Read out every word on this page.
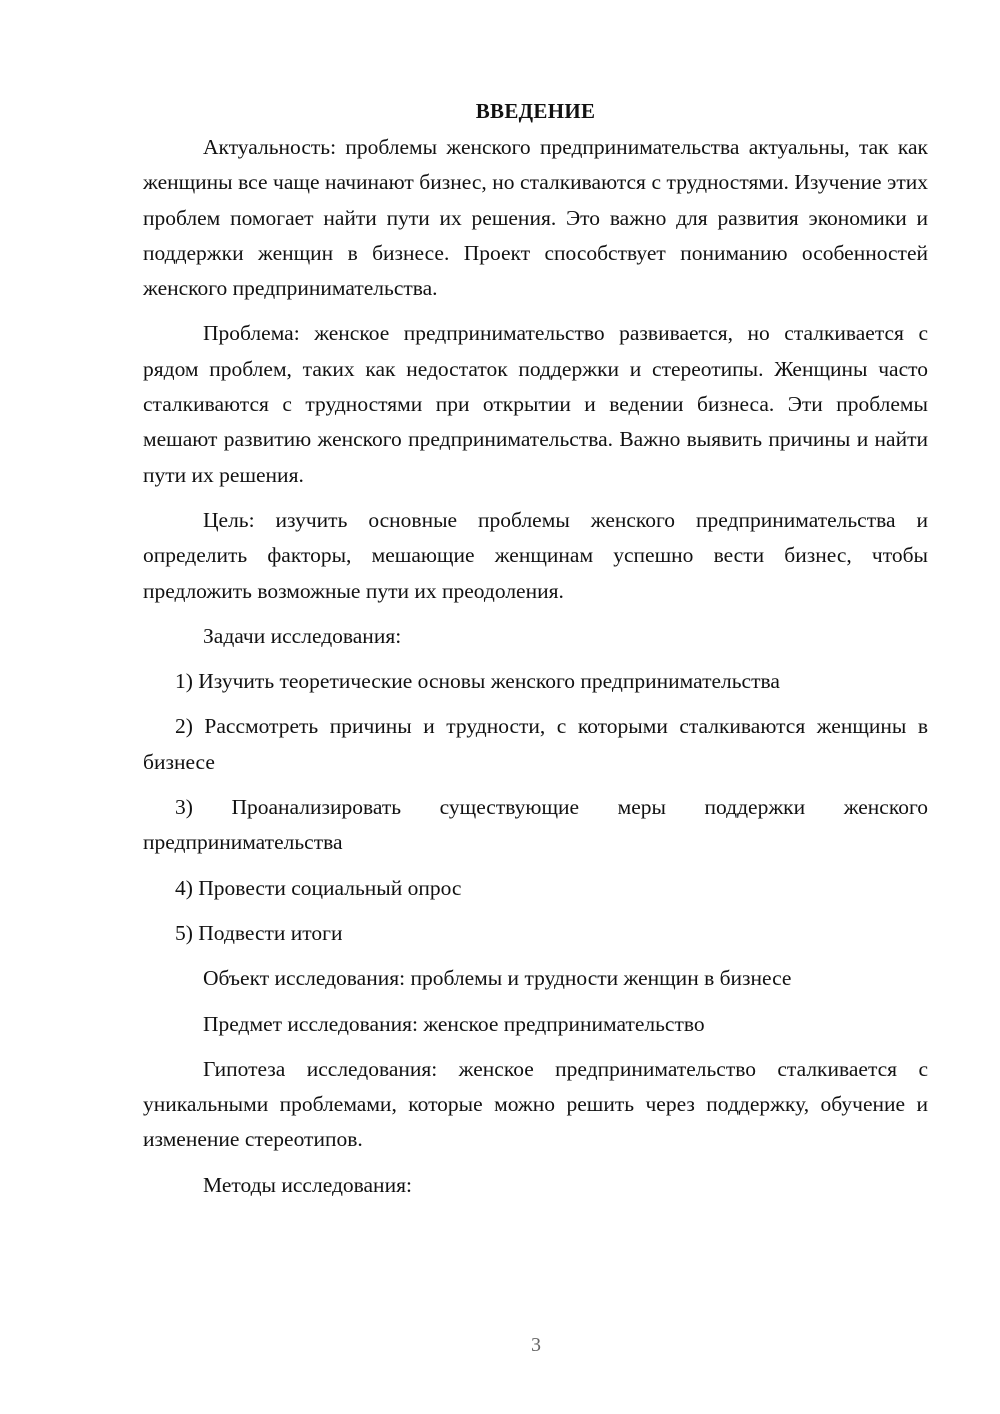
ВВЕДЕНИЕ

Актуальность: проблемы женского предпринимательства актуальны, так как женщины все чаще начинают бизнес, но сталкиваются с трудностями. Изучение этих проблем помогает найти пути их решения. Это важно для развития экономики и поддержки женщин в бизнесе. Проект способствует пониманию особенностей женского предпринимательства.

Проблема: женское предпринимательство развивается, но сталкивается с рядом проблем, таких как недостаток поддержки и стереотипы. Женщины часто сталкиваются с трудностями при открытии и ведении бизнеса. Эти проблемы мешают развитию женского предпринимательства. Важно выявить причины и найти пути их решения.

Цель: изучить основные проблемы женского предпринимательства и определить факторы, мешающие женщинам успешно вести бизнес, чтобы предложить возможные пути их преодоления.

Задачи исследования:

1) Изучить теоретические основы женского предпринимательства

2) Рассмотреть причины и трудности, с которыми сталкиваются женщины в бизнесе

3) Проанализировать существующие меры поддержки женского предпринимательства

4) Провести социальный опрос

5) Подвести итоги

Объект исследования: проблемы и трудности женщин в бизнесе

Предмет исследования: женское предпринимательство

Гипотеза исследования: женское предпринимательство сталкивается с уникальными проблемами, которые можно решить через поддержку, обучение и изменение стереотипов.

Методы исследования:

3
